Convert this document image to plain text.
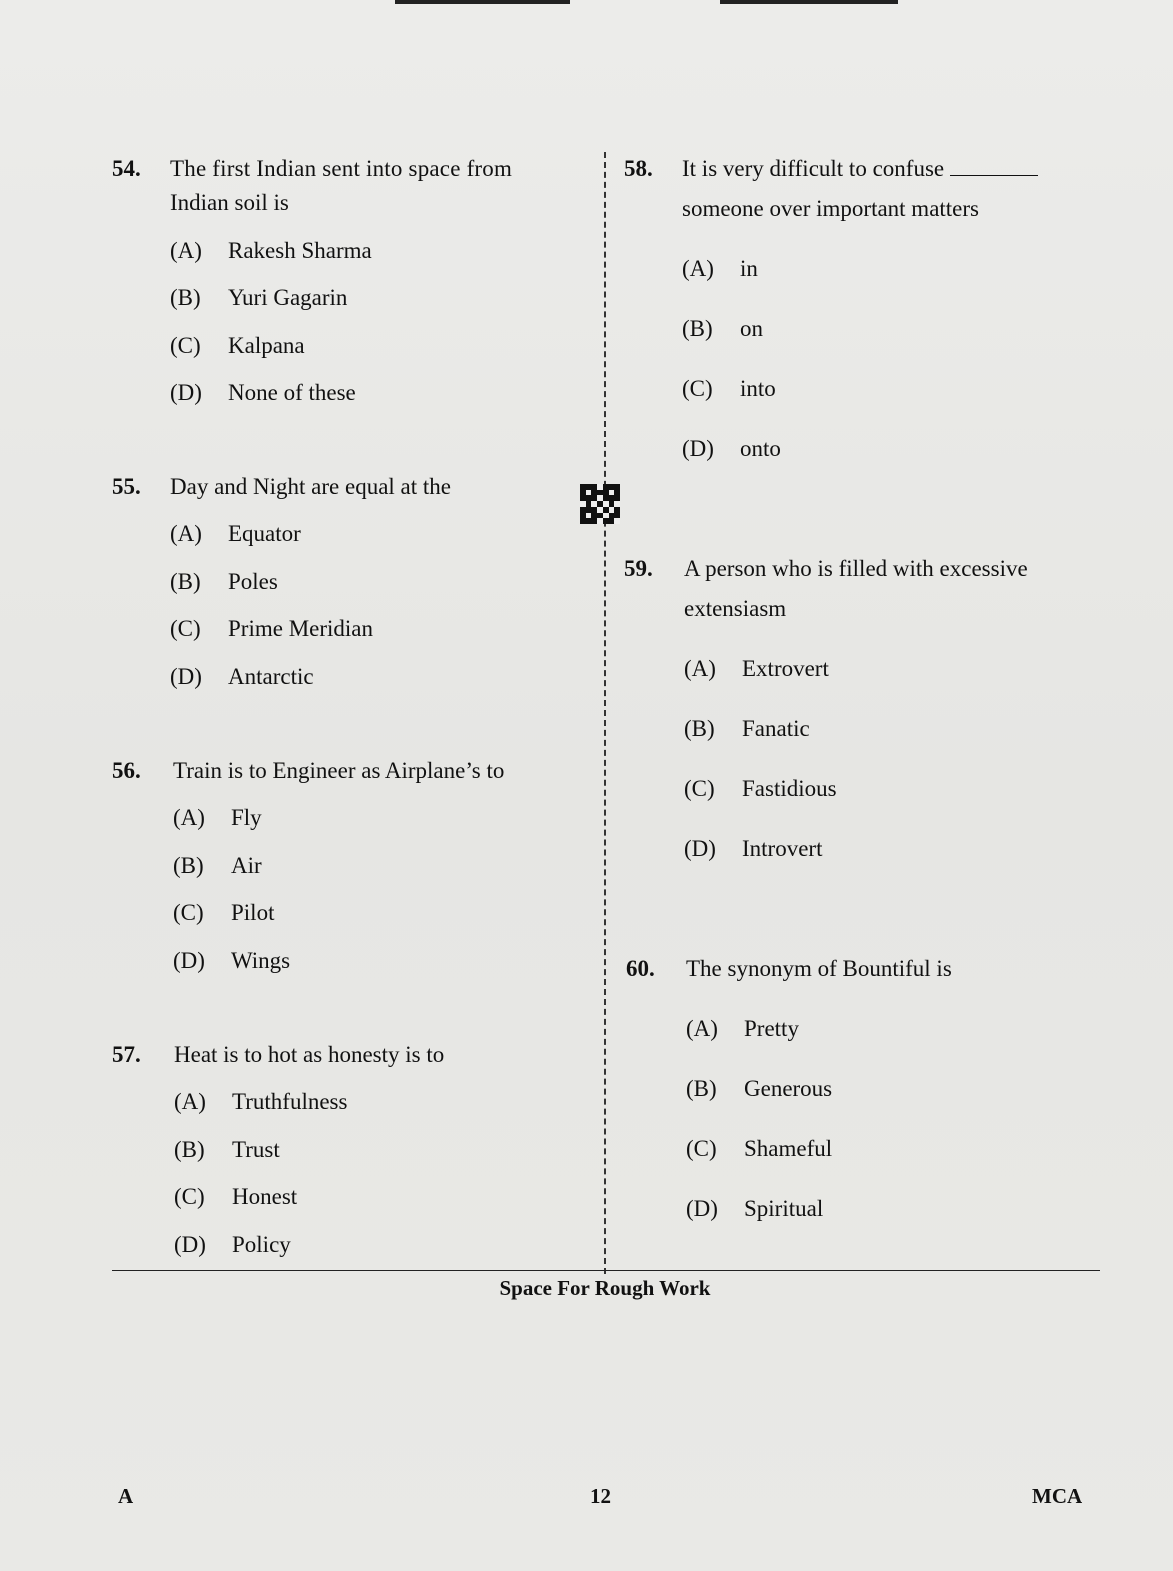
54. The first Indian sent into space from
Indian soil is
(A) Rakesh Sharma
(B) Yuri Gagarin
(C) Kalpana
(D) None of these
55. Day and Night are equal at the
(A) Equator
(B) Poles
(C) Prime Meridian
(D) Antarctic
56. Train is to Engineer as Airplane’s to
(A) Fly
(B) Air
(C) Pilot
(D) Wings
57. Heat is to hot as honesty is to
(A) Truthfulness
(B) Trust
(C) Honest
(D) Policy
58. It is very difficult to confuse
someone over important matters
(A) in
(B) on
(C) into
(D) onto
59. A person who is filled with excessive
extensiasm
(A) Extrovert
(B) Fanatic
(C) Fastidious
(D) Introvert
60. The synonym of Bountiful is
(A) Pretty
(B) Generous
(C) Shameful
(D) Spiritual
Space For Rough Work
A	12	MCA
